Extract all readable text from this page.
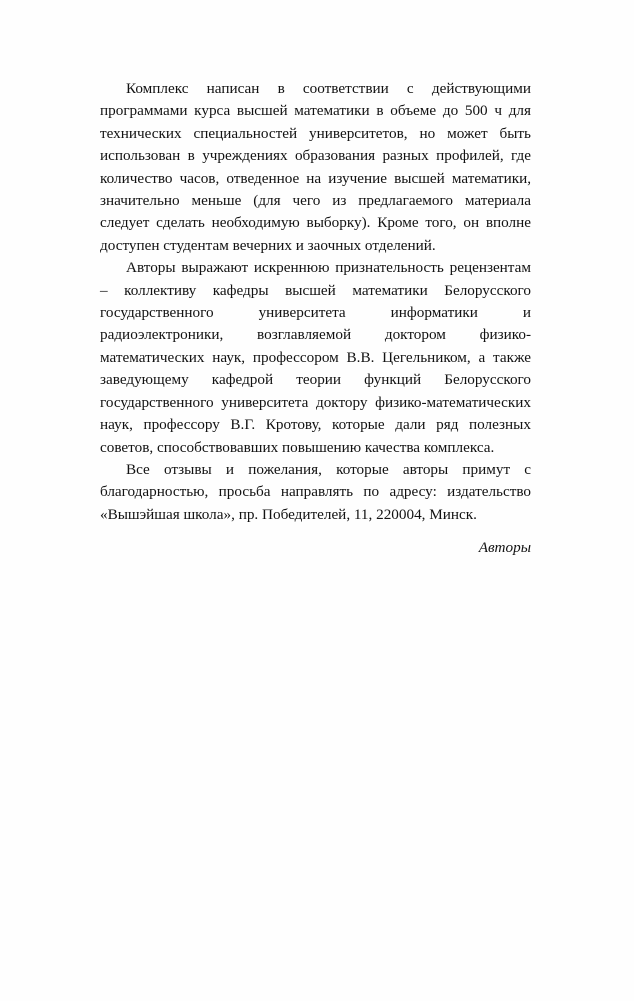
Комплекс написан в соответствии с действующими программами курса высшей математики в объеме до 500 ч для технических специальностей университетов, но может быть использован в учреждениях образования разных профилей, где количество часов, отведенное на изучение высшей математики, значительно меньше (для чего из предлагаемого материала следует сделать необходимую выборку). Кроме того, он вполне доступен студентам вечерних и заочных отделений.

Авторы выражают искреннюю признательность рецензентам – коллективу кафедры высшей математики Белорусского государственного университета информатики и радиоэлектроники, возглавляемой доктором физико-математических наук, профессором В.В. Цегельником, а также заведующему кафедрой теории функций Белорусского государственного университета доктору физико-математических наук, профессору В.Г. Кротову, которые дали ряд полезных советов, способствовавших повышению качества комплекса.

Все отзывы и пожелания, которые авторы примут с благодарностью, просьба направлять по адресу: издательство «Вышэйшая школа», пр. Победителей, 11, 220004, Минск.

Авторы
